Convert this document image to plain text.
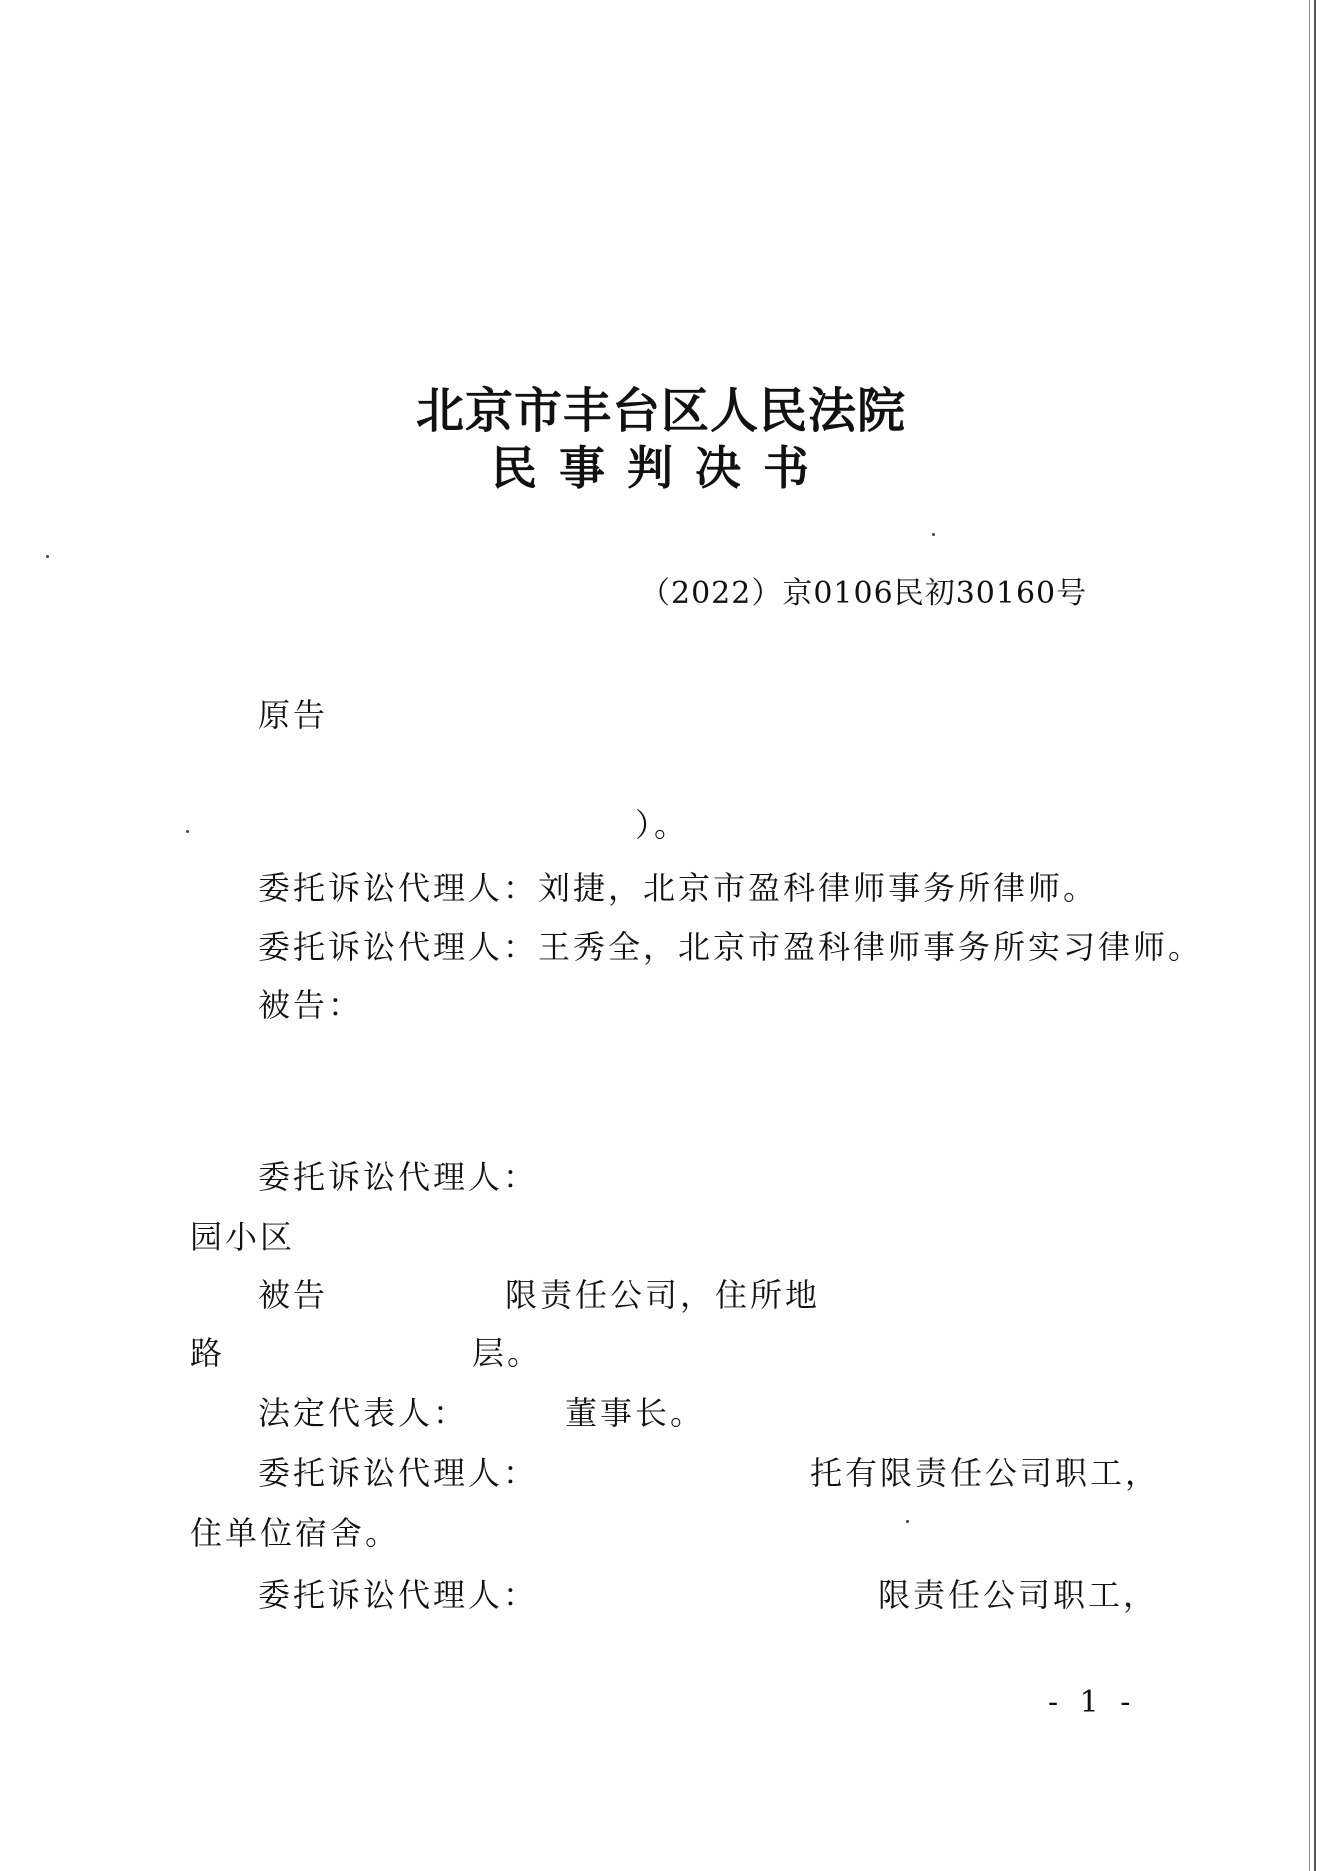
北京市丰台区人民法院
民事判决书
（2022）京0106民初30160号
原告
）。
委托诉讼代理人：刘捷，北京市盈科律师事务所律师。
委托诉讼代理人：王秀全，北京市盈科律师事务所实习律师。
被告：
委托诉讼代理人：
园小区
被告	限责任公司，住所地
路	层。
法定代表人：	董事长。
委托诉讼代理人：	托有限责任公司职工，
住单位宿舍。
委托诉讼代理人：	限责任公司职工，
- 1 -
